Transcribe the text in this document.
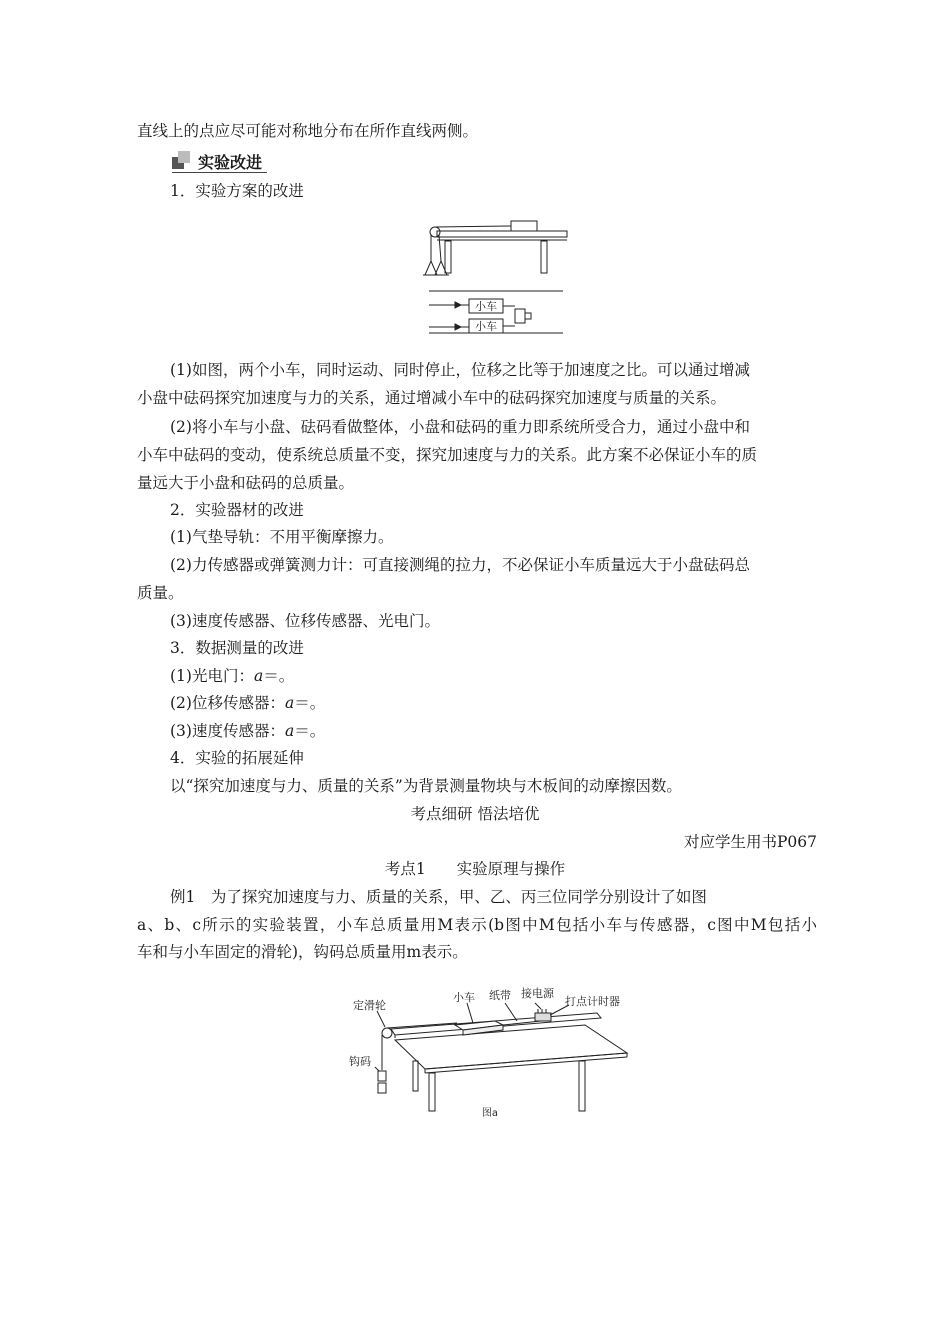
直线上的点应尽可能对称地分布在所作直线两侧。
实验改进
1．实验方案的改进
小车
小车
(1)如图，两个小车，同时运动、同时停止，位移之比等于加速度之比。可以通过增减
小盘中砝码探究加速度与力的关系，通过增减小车中的砝码探究加速度与质量的关系。
(2)将小车与小盘、砝码看做整体，小盘和砝码的重力即系统所受合力，通过小盘中和
小车中砝码的变动，使系统总质量不变，探究加速度与力的关系。此方案不必保证小车的质
量远大于小盘和砝码的总质量。
2．实验器材的改进
(1)气垫导轨：不用平衡摩擦力。
(2)力传感器或弹簧测力计：可直接测绳的拉力，不必保证小车质量远大于小盘砝码总
质量。
(3)速度传感器、位移传感器、光电门。
3．数据测量的改进
(1)光电门：a＝。
(2)位移传感器：a＝。
(3)速度传感器：a＝。
4．实验的拓展延伸
以“探究加速度与力、质量的关系”为背景测量物块与木板间的动摩擦因数。
考点细研 悟法培优
对应学生用书P067
考点1　　实验原理与操作
例1　为了探究加速度与力、质量的关系，甲、乙、丙三位同学分别设计了如图
a、b、c所示的实验装置，小车总质量用M表示(b图中M包括小车与传感器，c图中M包括小
车和与小车固定的滑轮)，钩码总质量用m表示。
定滑轮
小车 纸带 接电源
打点计时器
钩码
图a
